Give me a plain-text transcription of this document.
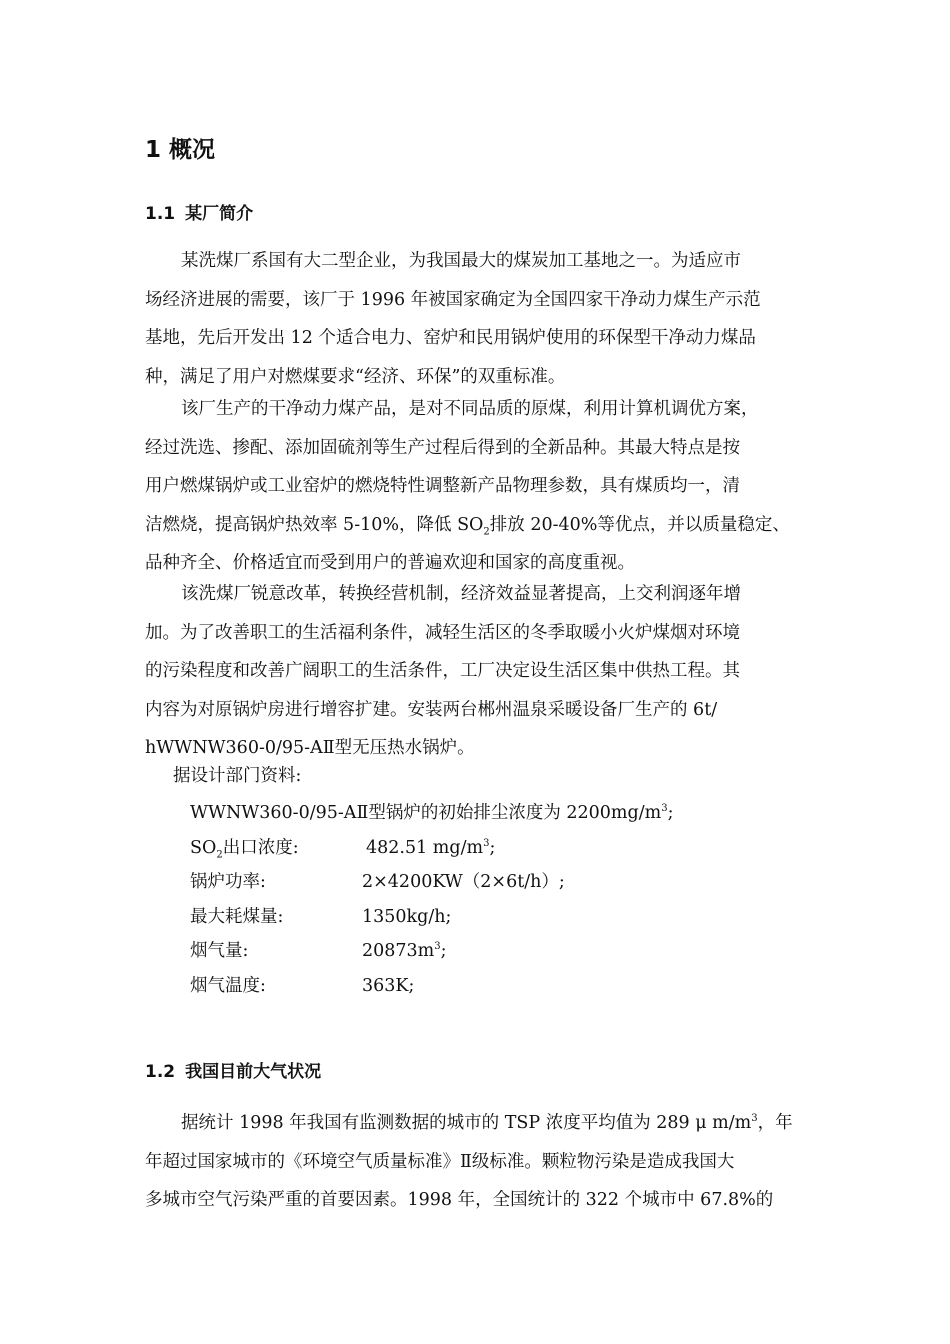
1 概况
1.1 某厂简介
某洗煤厂系国有大二型企业，为我国最大的煤炭加工基地之一。为适应市
场经济进展的需要，该厂于 1996 年被国家确定为全国四家干净动力煤生产示范
基地，先后开发出 12 个适合电力、窑炉和民用锅炉使用的环保型干净动力煤品
种，满足了用户对燃煤要求“经济、环保”的双重标准。
该厂生产的干净动力煤产品，是对不同品质的原煤，利用计算机调优方案，
经过洗选、掺配、添加固硫剂等生产过程后得到的全新品种。其最大特点是按
用户燃煤锅炉或工业窑炉的燃烧特性调整新产品物理参数，具有煤质均一，清
洁燃烧，提高锅炉热效率 5-10%，降低 $SO_2$排放 20-40%等优点，并以质量稳定、
品种齐全、价格适宜而受到用户的普遍欢迎和国家的高度重视。
该洗煤厂锐意改革，转换经营机制，经济效益显著提高，上交利润逐年增
加。为了改善职工的生活福利条件，减轻生活区的冬季取暖小火炉煤烟对环境
的污染程度和改善广阔职工的生活条件，工厂决定设生活区集中供热工程。其
内容为对原锅炉房进行增容扩建。安装两台郴州温泉采暖设备厂生产的 6t/
hWWNW360-0/95-AⅡ型无压热水锅炉。

据设计部门资料:

WWNW360-0/95-AⅡ型锅炉的初始排尘浓度为 $2200mg/m^3$;
$SO_2$出口浓度:	482.51 $mg/m^3$;
锅炉功率:	2×4200KW（2×6t/h）;
最大耗煤量:	1350kg/h;
烟气量:	$20873m^3$;
烟气温度:	363K;
1.2 我国目前大气状况
据统计 1998 年我国有监测数据的城市的 TSP 浓度平均值为 289 μ $m/m^3$，年
年超过国家城市的《环境空气质量标准》Ⅱ级标准。颗粒物污染是造成我国大
多城市空气污染严重的首要因素。1998 年，全国统计的 322 个城市中 67.8%的
